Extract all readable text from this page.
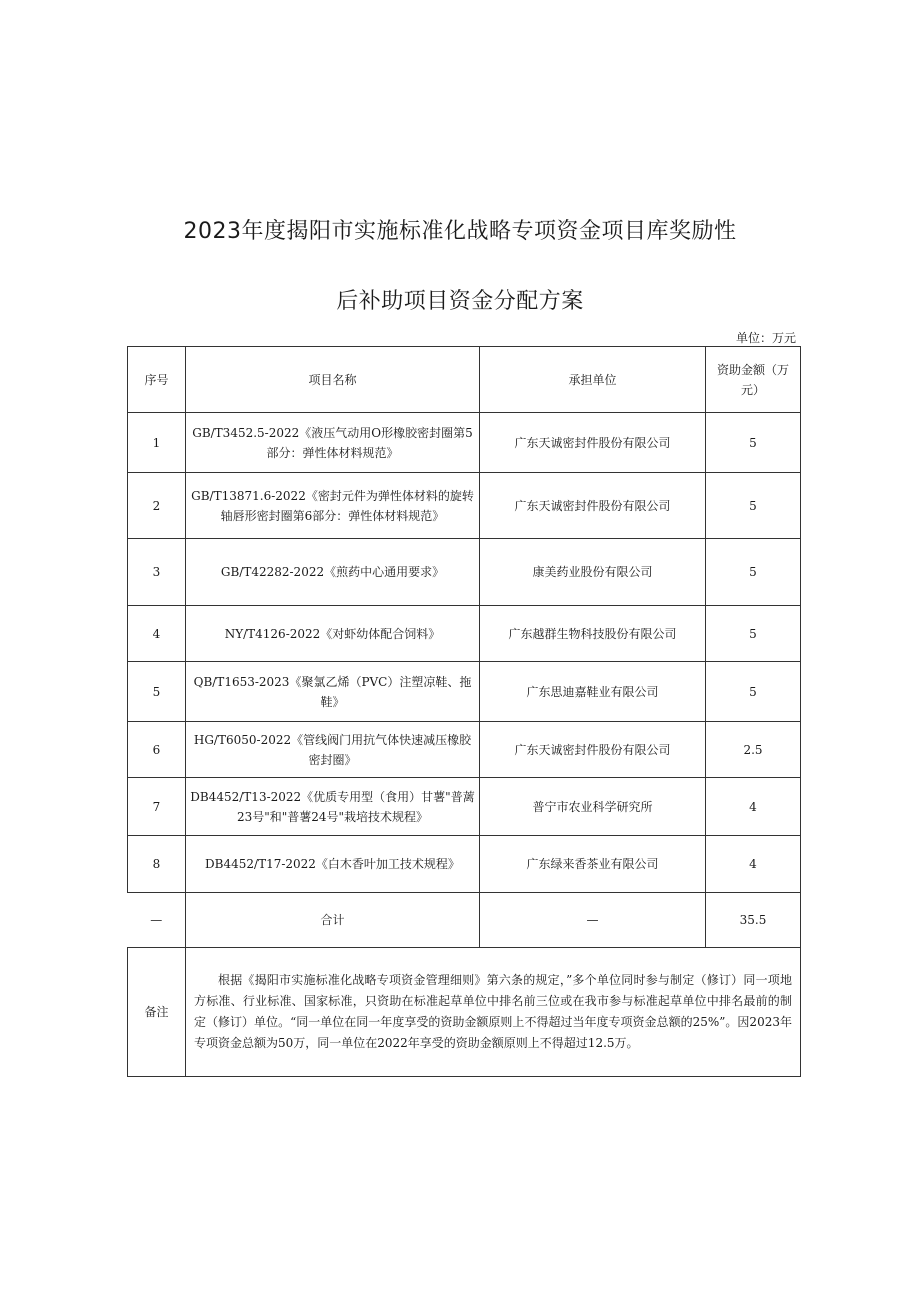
2023年度揭阳市实施标准化战略专项资金项目库奖励性
后补助项目资金分配方案
单位：万元
序号	项目名称	承担单位	资助金额（万元）
1	GB/T3452.5-2022《液压气动用O形橡胶密封圈第5部分：弹性体材料规范》	广东天诚密封件股份有限公司	5
2	GB/T13871.6-2022《密封元件为弹性体材料的旋转轴唇形密封圈第6部分：弹性体材料规范》	广东天诚密封件股份有限公司	5
3	GB/T42282-2022《煎药中心通用要求》	康美药业股份有限公司	5
4	NY/T4126-2022《对虾幼体配合饲料》	广东越群生物科技股份有限公司	5
5	QB/T1653-2023《聚氯乙烯（PVC）注塑凉鞋、拖鞋》	广东思迪嘉鞋业有限公司	5
6	HG/T6050-2022《管线阀门用抗气体快速减压橡胶密封圈》	广东天诚密封件股份有限公司	2.5
7	DB4452/T13-2022《优质专用型（食用）甘薯"普蓠23号"和"普薯24号"栽培技术规程》	普宁市农业科学研究所	4
8	DB4452/T17-2022《白木香叶加工技术规程》	广东绿来香茶业有限公司	4
—	合计	—	35.5
备注	根据《揭阳市实施标准化战略专项资金管理细则》第六条的规定，”多个单位同时参与制定（修订）同一项地方标准、行业标准、国家标准，只资助在标准起草单位中排名前三位或在我市参与标准起草单位中排名最前的制定（修订）单位。“同一单位在同一年度享受的资助金额原则上不得超过当年度专项资金总额的25%”。因2023年专项资金总额为50万，同一单位在2022年享受的资助金额原则上不得超过12.5万。		
